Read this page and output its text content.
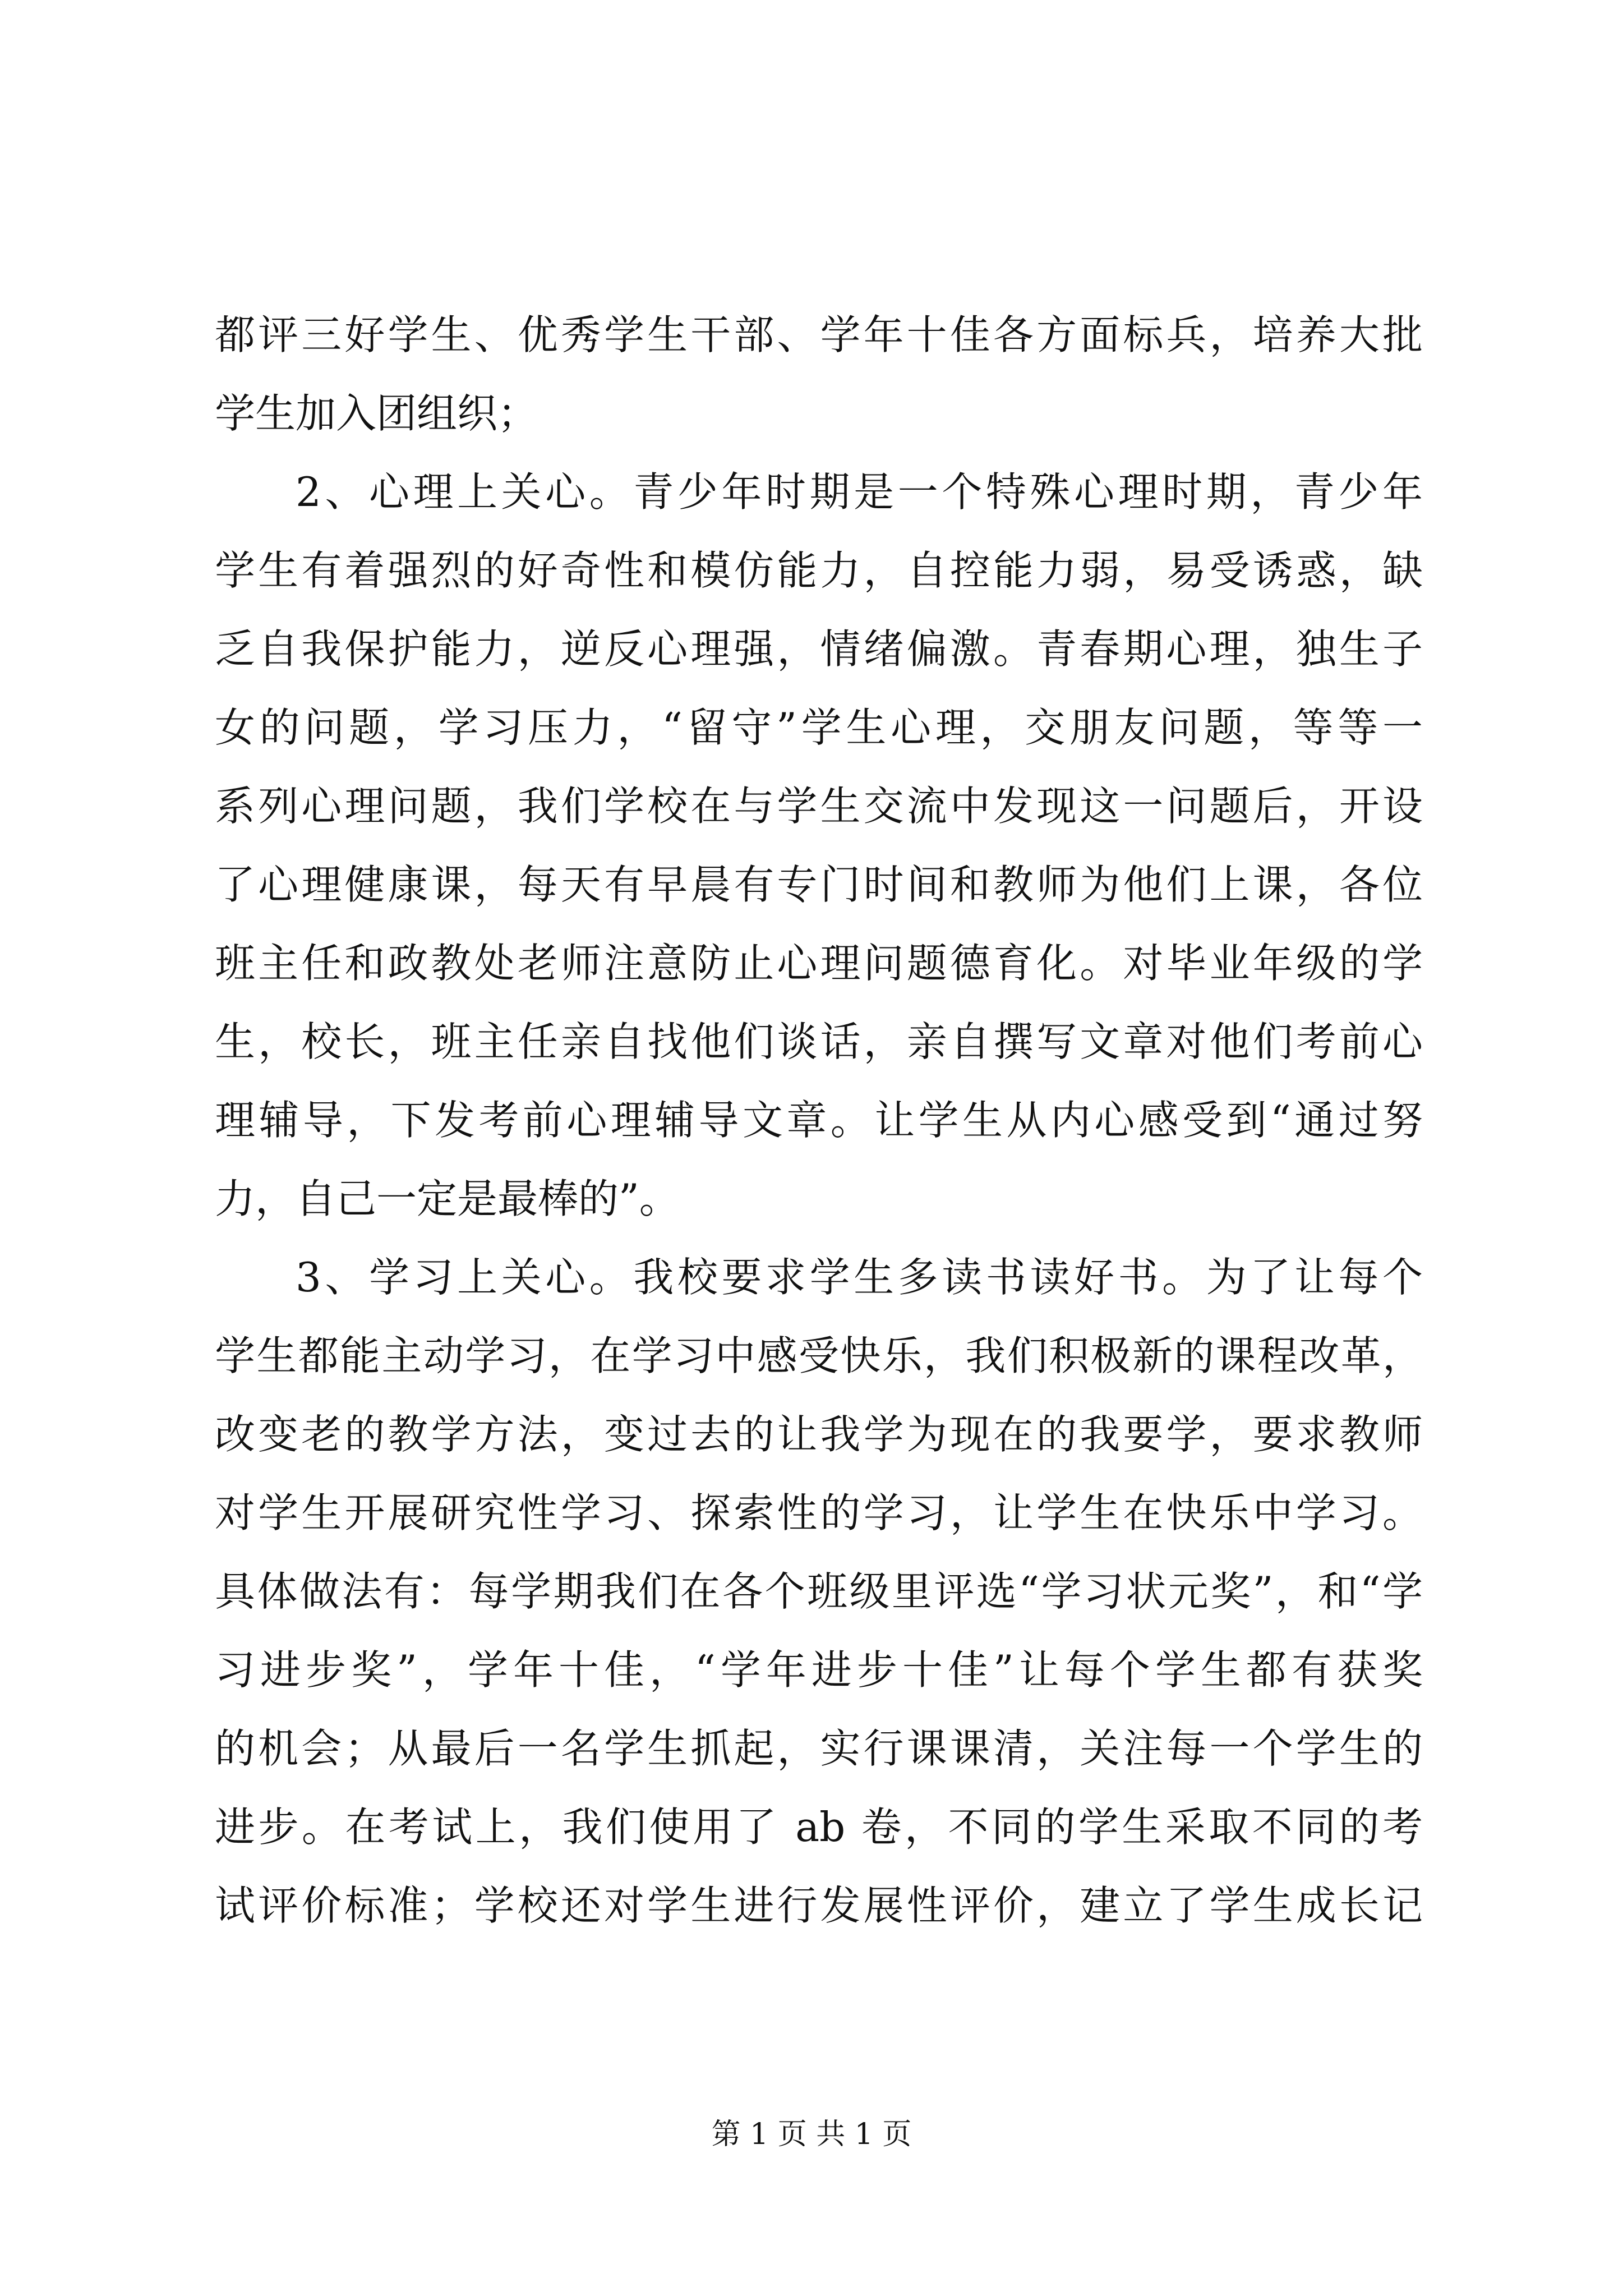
都评三好学生、优秀学生干部、学年十佳各方面标兵，培养大批
学生加入团组织；
2、心理上关心。青少年时期是一个特殊心理时期，青少年
学生有着强烈的好奇性和模仿能力，自控能力弱，易受诱惑，缺
乏自我保护能力，逆反心理强，情绪偏激。青春期心理，独生子
女的问题，学习压力，“留守”学生心理，交朋友问题，等等一
系列心理问题，我们学校在与学生交流中发现这一问题后，开设
了心理健康课，每天有早晨有专门时间和教师为他们上课，各位
班主任和政教处老师注意防止心理问题德育化。对毕业年级的学
生，校长，班主任亲自找他们谈话，亲自撰写文章对他们考前心
理辅导，下发考前心理辅导文章。让学生从内心感受到“通过努
力，自己一定是最棒的”。
3、学习上关心。我校要求学生多读书读好书。为了让每个
学生都能主动学习，在学习中感受快乐，我们积极新的课程改革，
改变老的教学方法，变过去的让我学为现在的我要学，要求教师
对学生开展研究性学习、探索性的学习，让学生在快乐中学习。
具体做法有：每学期我们在各个班级里评选“学习状元奖”，和“学
习进步奖”，学年十佳，“学年进步十佳”让每个学生都有获奖
的机会；从最后一名学生抓起，实行课课清，关注每一个学生的
进步。在考试上，我们使用了 ab 卷，不同的学生采取不同的考
试评价标准；学校还对学生进行发展性评价，建立了学生成长记
第 1 页 共 1 页
